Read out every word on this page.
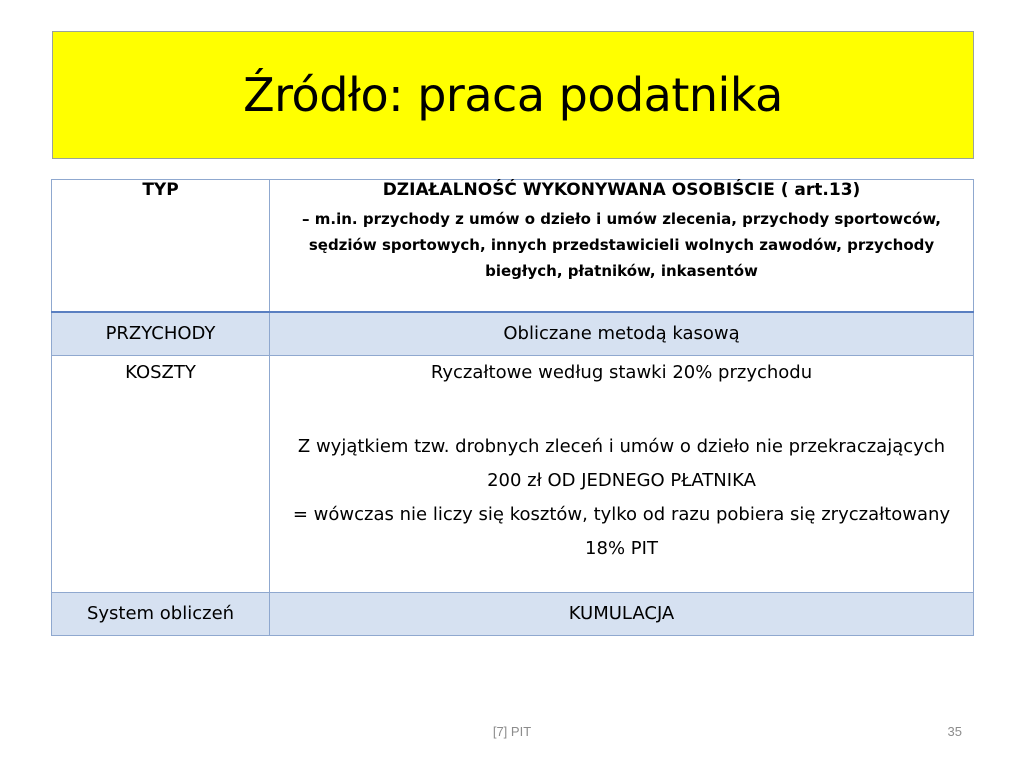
Źródło: praca podatnika
TYP	DZIAŁALNOŚĆ WYKONYWANA OSOBIŚCIE ( art.13)
– m.in. przychody z umów o dzieło i umów zlecenia, przychody sportowców, sędziów sportowych, innych przedstawicieli wolnych zawodów, przychody biegłych, płatników, inkasentów

PRZYCHODY	Obliczane metodą kasową
KOSZTY	Ryczałtowe według stawki 20% przychodu
Z wyjątkiem tzw. drobnych zleceń i umów o dzieło nie przekraczających 200 zł OD JEDNEGO PŁATNIKA
= wówczas nie liczy się kosztów, tylko od razu pobiera się zryczałtowany 18% PIT

System obliczeń	KUMULACJA
[7] PIT	35
